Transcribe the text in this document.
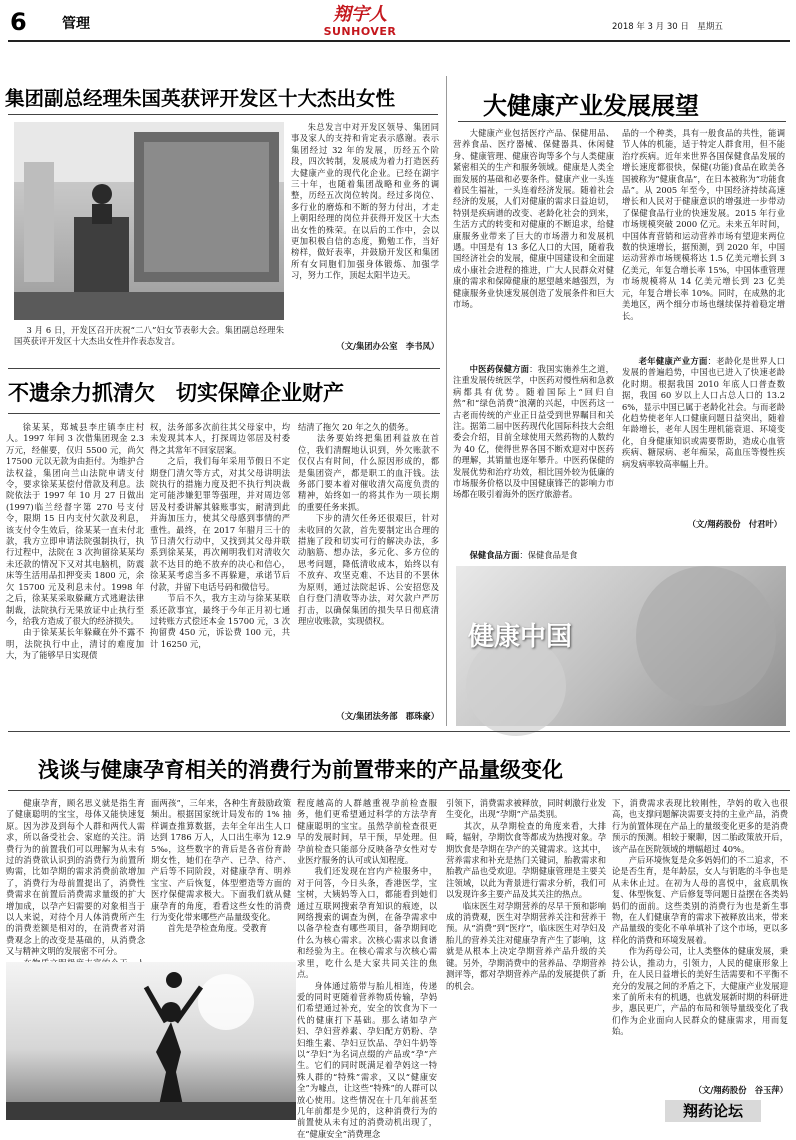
6	管理	翔宇人
SUNHOVER	2018 年 3 月 30 日　星期五
集团副总经理朱国英获评开发区十大杰出女性
3 月 6 日，开发区召开庆祝“二八”妇女节表彰大会。集团副总经理朱国英获评开发区十大杰出女性并作表态发言。
朱总发言中对开发区领导、集团同事及家人的支持和肯定表示感谢。表示集团经过 32 年的发展，历经五个阶段，四次转制，发展成为着力打造医药大健康产业的现代化企业。已经在湖宇三十年，也随着集团战略和业务的调整，历经五次岗位转岗。经过多岗位、多行业的磨炼和不断的努力付出，才走上朝阳经理的岗位并获得开发区十大杰出女性的殊荣。在以后的工作中，会以更加积极自信的态度，勤勉工作，当好榜样，做好表率，并鼓励开发区和集团所有女同胞们加强身体锻炼、加强学习，努力工作，顶起太阳半边天。
（文/集团办公室　李书凤）
大健康产业发展展望
大健康产业包括医疗产品、保健用品、营养食品、医疗器械、保健器具、休闲健身、健康管理、健康咨询等多个与人类健康紧密相关的生产和服务领域。健康是人类全面发展的基础和必要条件。健康产业一头连着民生福祉，一头连着经济发展。随着社会经济的发展，人们对健康的需求日益迫切，特别是疾病谱的改变、老龄化社会的到来，生活方式的转变和对健康的不断追求，给健康服务业带来了巨大的市场潜力和发展机遇。中国是有 13 多亿人口的大国，随着我国经济社会的发展，健康中国建设和全面建成小康社会进程的推进，广大人民群众对健康的需求和保障健康的愿望越来越强烈，为健康服务业快速发展创造了发展条件和巨大市场。
中医药保健方面：我国实施养生之道，注重发展传统医学，中医药对慢性病和急救病都具有优势。随着国际上“回归自然”和“绿色消费”浪潮的兴起，中医药这一古老而传统的产业正日益受到世界瞩目和关注。据第二届中医药现代化国际科技大会组委会介绍，目前全球使用天然药物的人数约为 40 亿，使得世界各国不断欢迎对中医药的理解，其销量也逐年攀升。中医药保健的发展优势和治疗功效，相比国外较为低廉的市场服务价格以及中国健康锋芒的影响力市场都在吸引着海外的医疗旅游者。
保健食品方面：保健食品是食
品的一个种类，具有一般食品的共性，能调节人体的机能，适于特定人群食用，但不能治疗疾病。近年来世界各国保健食品发展的增长速度都很快，保健(功能)食品在欧美各国被称为“健康食品”，在日本被称为“功能食品”。从 2005 年至今，中国经济持续高速增长和人民对于健康意识的增强进一步带动了保健食品行业的快速发展。2015 年行业市场规模突破 2000 亿元。未来五年时间，中国体育营销和运动营养市场有望迎来两位数的快速增长，据预测，到 2020 年，中国运动营养市场规模将达 1.5 亿美元增长到 3 亿美元，年复合增长率 15%，中国体重管理市场规模将从 14 亿美元增长到 23 亿美元，年复合增长率 10%。同时，在成熟的北美地区，两个细分市场也继续保持着稳定增长。
老年健康产业方面：老龄化是世界人口发展的普遍趋势，中国也已进入了快速老龄化时期。根据我国 2010 年底人口普查数据，我国 60 岁以上人口占总人口的 13.26%，显示中国已属于老龄化社会。与而老龄化趋势使老年人口健康问题日益突出，随着年龄增长，老年人因生理机能衰退、环境变化，自身健康知识或需要帮助，造成心血管疾病、糖尿病、老年痴呆，高血压等慢性疾病发病率较高率幅上升。
（文/翔药股份　付君叶）
健康中国
不遗余力抓清欠　切实保障企业财产
徐某某，郑城县李庄镇李庄村人。1997 年间 3 次借集团现金 2.3 万元，经催要，仅归 5500 元，尚欠 17500 元以无款为由拒付。为维护合法权益，集团向兰山法院申请支付令，要求徐某某偿付借款及利息。法院依法于 1997 年 10 月 27 日做出(1997)临兰经督字第 270 号支付令，限期 15 日内支付欠款及利息，该支付令生效后，徐某某一直未付北款，我方立即申请法院强制执行，执行过程中，法院在 3 次拘留徐某某均未还款的情况下又对其电脑机，防震床等生活用品扣押变卖 1800 元，余欠 15700 元及利息未付。1998 年之后，徐某某采取躲藏方式逃避法律制裁，法院执行无果放证中止执行至今，给我方造成了很大的经济损失。
　　由于徐某某长年躲藏在外不露不明，法院执行中止，清讨的难度加大，为了能够早日实现债
权，法务部多次前往其父母家中，均未发现其本人，打探周边邻居及村委得之其常年不回家居案。
　　之后，我们每年采用节假日不定期登门清欠等方式，对其父母讲明法院执行的措施力度及把不执行判决裁定可能涉嫌犯罪等强理，并对周边邻居及村委讲解其躲账事实，耐清到此并海加压力，使其父母感到事情的严重性。最终，在 2017 年腊月三十的节日清欠行动中，又找到其父母并联系到徐某某，再次阐明我们对清收欠款不达目的绝不放弃的决心和信心，徐某某考虑当多不再躲避，承诺节后付款，并留下电话号码和微信号。
　　节后不久，我方主动与徐某某联系还款事宜，最终于今年正月初七通过转账方式偿还本金 15700 元，3 次拘留费 450 元，诉讼费 100 元，共计 16250 元，
结清了拖欠 20 年之久的债务。
　　法务要始终把集团利益放在首位，我们清醒地认识到，外欠账款不仅仅占有时间，什么原因形成的，都是集团资产，都是职工的血汗钱。法务部门要本着对催收清欠高度负责的精神，始终如一的将其作为一项长期的重要任务来抓。
　　下步的清欠任务还很艰巨，针对未收回的欠款，首先要制定出合理的措施了段和切实可行的解决办法，多动脑筋、想办法，多元化、多方位的思考问题，降低清收成本，始终以有不放弃、攻坚克难、不达目的不罢休为原则，通过法院起诉、公安招您及自行登门清收等办法，对欠款户严厉打击，以确保集团的损失早日彻底清理应收账款，实现债权。
（文/集团法务部　郡珠豪）
浅谈与健康孕育相关的消费行为前置带来的产品量级变化
　　健康孕育，顾名思义就是指生育了健康聪明的宝宝，母体又能快速复原。因为涉及到每个人群和两代人需求，所以备受社会、家庭的关注。消费行为的前置我们可以理解为从未有过的消费欲认识到的消费行为前置所购需，比如孕期的需求消费前欲增加了，消费行为母前置提出了，消费性费需求在前置后消费需求量级的扩大增加成，以孕产妇需要的对象相当于以人来说，对待个月人体消费所产生的消费差额是相对的，在消费者对消费观念上的改变是基础的，从消费念又与精神文明的发展密不可分。

面两孩”，三年来，各种生育鼓励政策频出。根据国家统计局发布的 1% 抽样调查推算数据，去年全年出生人口达到 1786 万人，人口出生率为 12.95‰，这些数字的背后是各省份育龄期女性，她们在孕产、已孕、待产、产后等不同阶段，对健康孕育、明养宝宝、产后恢复，体型塑造等方面的医疗保健需求极大。下面我们就从健康孕育的角度，看看这些女性的消费行为变化带来哪些产品量级变化。
　　首先是孕检查角度。受教育
程度越高的人群越重视孕前检查服务，他们更希望通过科学的方法孕育健康聪明的宝宝。虽然孕前检查很更早的发展时间，早干预，早处理。但孕前检查只能部分反映备孕女性对专业医疗服务的认可或认知程度。
　　我们还发现在宫内产检服务中，对于问答，今日头条，香港医学，宝宝树，大姨妈等入口，都能看到她们通过互联网搜索孕育知识的痕迹，以网络搜索的调查为例，在备孕需求中以备孕检查有哪些项目，备孕期间吃什么为核心需求。次核心需求以食谱和经验为主。在核心需求与次核心需求里，吃什么是大家共同关注的焦点。
　　身体通过筋带与胎儿相连，传递爱的同时更随着营养物质传输，孕妈们希望通过补充，安全的饮食为下一代的健康打下基础。那么诸如孕产妇、孕妇营养素、孕妇配方奶粉、孕妇维生素、孕妇豆饮品、孕妇牛奶等以“孕妇”为名词点缀的产品或“孕”产生。它们的同时既满足着孕妈这一特殊人群的“特殊”需求，又以“健康安全”为噱点，让这些“特殊”的人群可以放心使用。这些情况在十几年前甚至几年前都是少见的，这种消费行为的前置使从未有过的消费动机出现了，在“健康安全”消费理念
引领下，消费需求被释放，同时刺激行业发生变化，出现“孕期”产品类别。
　　其次，从孕期检查的角度来看，大排畸，辐射，孕期饮食等都成为热搜对象。孕期饮食是孕期在孕产的关键需求。这其中，营养需求和补充是热门关键词，胎教需求和胎教产品也受欢迎。孕期健康管理是主要关注领域，以此为背景进行需求分析，我们可以发现许多主要产品及其关注的热点。
　　临床医生对孕期营养的尽早干预和影响成的消费观，医生对孕期营养关注和营养干预。从“消费”到“医疗”，临床医生对孕妇及胎儿的营养关注对健康孕育产生了影响，这就是从根本上决定孕期营养产品升级的关键。另外，孕期消费中的营养品、孕期营养测评等，都对孕期营养产品的发展提供了新的机会。
下，消费需求表现比较刚性，孕妈的收入也很高，也支撑问题解决需要支持的主业产品，消费行为前置体现在产品上的量级变化更多的是消费预示的预测。相较于聚聊，因二胎政策放开后，该产品在医院领域的增幅超过 40%。
　　产后环境恢复是众多妈妈们的不二追求，不论是否生育，是年龄层，女人与钥匙的斗争也是从未休止过。在初为人母的喜悦中，盆底肌恢复、体型恢复、产后修复等问题日益摆在各类妈妈们的面前。这些类别的消费行为也是新生事物，在人们健康孕育的需求下被释放出来，带来产品量级的变化不单单填补了这个市场，更以多样化的消费和环境发展着。
　　作为药母公司，让人类整体的健康发展，秉持公认，推动力，引领力，人民的健康形象上升，在人民日益增长的美好生活需要和不平衡不充分的发展之间的矛盾之下，大健康产业发展迎来了前所未有的机遇，也就发展新时期的科研进步，惠民更广，产品的布局和领导量级变化了我们作为企业面向人民群众的健康需求，用而复始。
（文/翔药股份　谷玉萍）
翔药论坛
